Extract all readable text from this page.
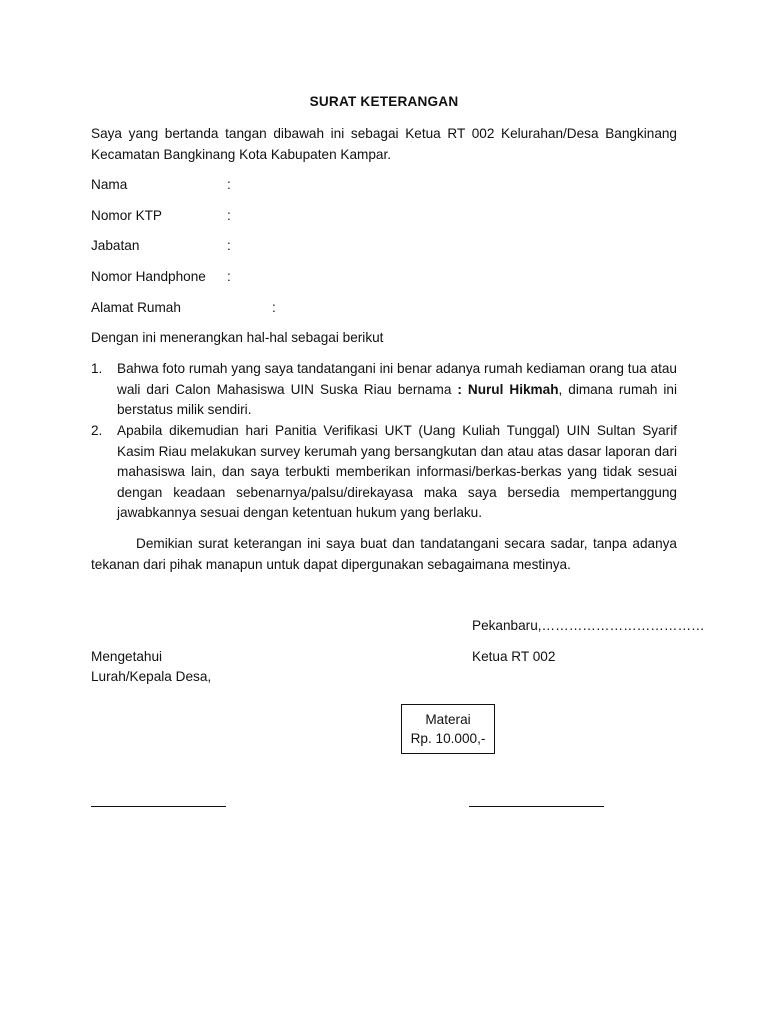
SURAT KETERANGAN
Saya yang bertanda tangan dibawah ini sebagai Ketua RT 002 Kelurahan/Desa Bangkinang Kecamatan Bangkinang Kota Kabupaten Kampar.
Nama	:
Nomor KTP	:
Jabatan	:
Nomor Handphone :
Alamat Rumah	:
Dengan ini menerangkan hal-hal sebagai berikut
1. Bahwa foto rumah yang saya tandatangani ini benar adanya rumah kediaman orang tua atau wali dari Calon Mahasiswa UIN Suska Riau bernama : Nurul Hikmah, dimana rumah ini berstatus milik sendiri.
2. Apabila dikemudian hari Panitia Verifikasi UKT (Uang Kuliah Tunggal) UIN Sultan Syarif Kasim Riau melakukan survey kerumah yang bersangkutan dan atau atas dasar laporan dari mahasiswa lain, dan saya terbukti memberikan informasi/berkas-berkas yang tidak sesuai dengan keadaan sebenarnya/palsu/direkayasa maka saya bersedia mempertanggung jawabkannya sesuai dengan ketentuan hukum yang berlaku.
Demikian surat keterangan ini saya buat dan tandatangani secara sadar, tanpa adanya tekanan dari pihak manapun untuk dapat dipergunakan sebagaimana mestinya.
Pekanbaru,………………………………
Mengetahui
Lurah/Kepala Desa,
Ketua RT 002
Materai
Rp. 10.000,-
